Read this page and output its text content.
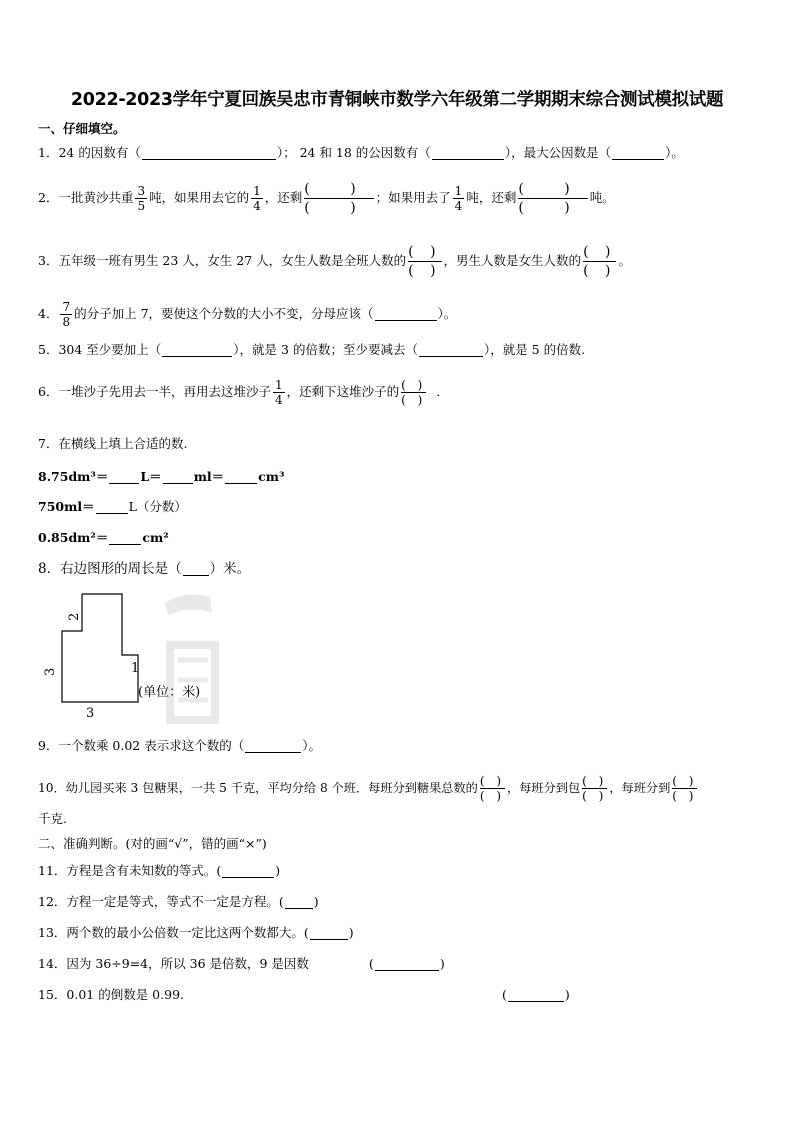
2022-2023学年宁夏回族吴忠市青铜峡市数学六年级第二学期期末综合测试模拟试题
一、仔细填空。
1．24 的因数有（	）； 24 和 18 的公因数有（	），最大公因数是（	）。
2．一批黄沙共重 $\frac{3}{5}$ 吨，如果用去它的 $\frac{1}{4}$ ，还剩 $\frac{( )}{( )}$ ；如果用去了 $\frac{1}{4}$ 吨，还剩 $\frac{( )}{( )}$ 吨。
3．五年级一班有男生 23 人，女生 27 人，女生人数是全班人数的 $\frac{( )}{( )}$ ，男生人数是女生人数的 $\frac{( )}{( )}$ 。
4． $\frac{7}{8}$ 的分子加上 7，要使这个分数的大小不变，分母应该（	）。
5．304 至少要加上（	），就是 3 的倍数；至少要减去（	），就是 5 的倍数.
6．一堆沙子先用去一半，再用去这堆沙子 $\frac{1}{4}$ ，还剩下这堆沙子的 $\frac{( )}{( )}$ ．
7．在横线上填上合适的数.
8.75dm³＝	L＝	ml＝	cm³
750ml＝	L（分数）
0.85dm²＝	cm²
8．右边图形的周长是（ ）米。
2
3	1
3
(单位：米)
9．一个数乘 0.02 表示求这个数的（	）。
10．幼儿园买来 3 包糖果，一共 5 千克，平均分给 8 个班．每班分到糖果总数的 $\frac{( )}{( )}$ ，每班分到包 $\frac{( )}{( )}$ ，每班分到 $\frac{( )}{( )}$
千克.
二、准确判断。(对的画“√”，错的画“×”)
11．方程是含有未知数的等式。(	)
12．方程一定是等式，等式不一定是方程。( )
13．两个数的最小公倍数一定比这两个数都大。(	)
14．因为 36÷9=4，所以 36 是倍数，9 是因数	(	)
15．0.01 的倒数是 0.99.	(	)
